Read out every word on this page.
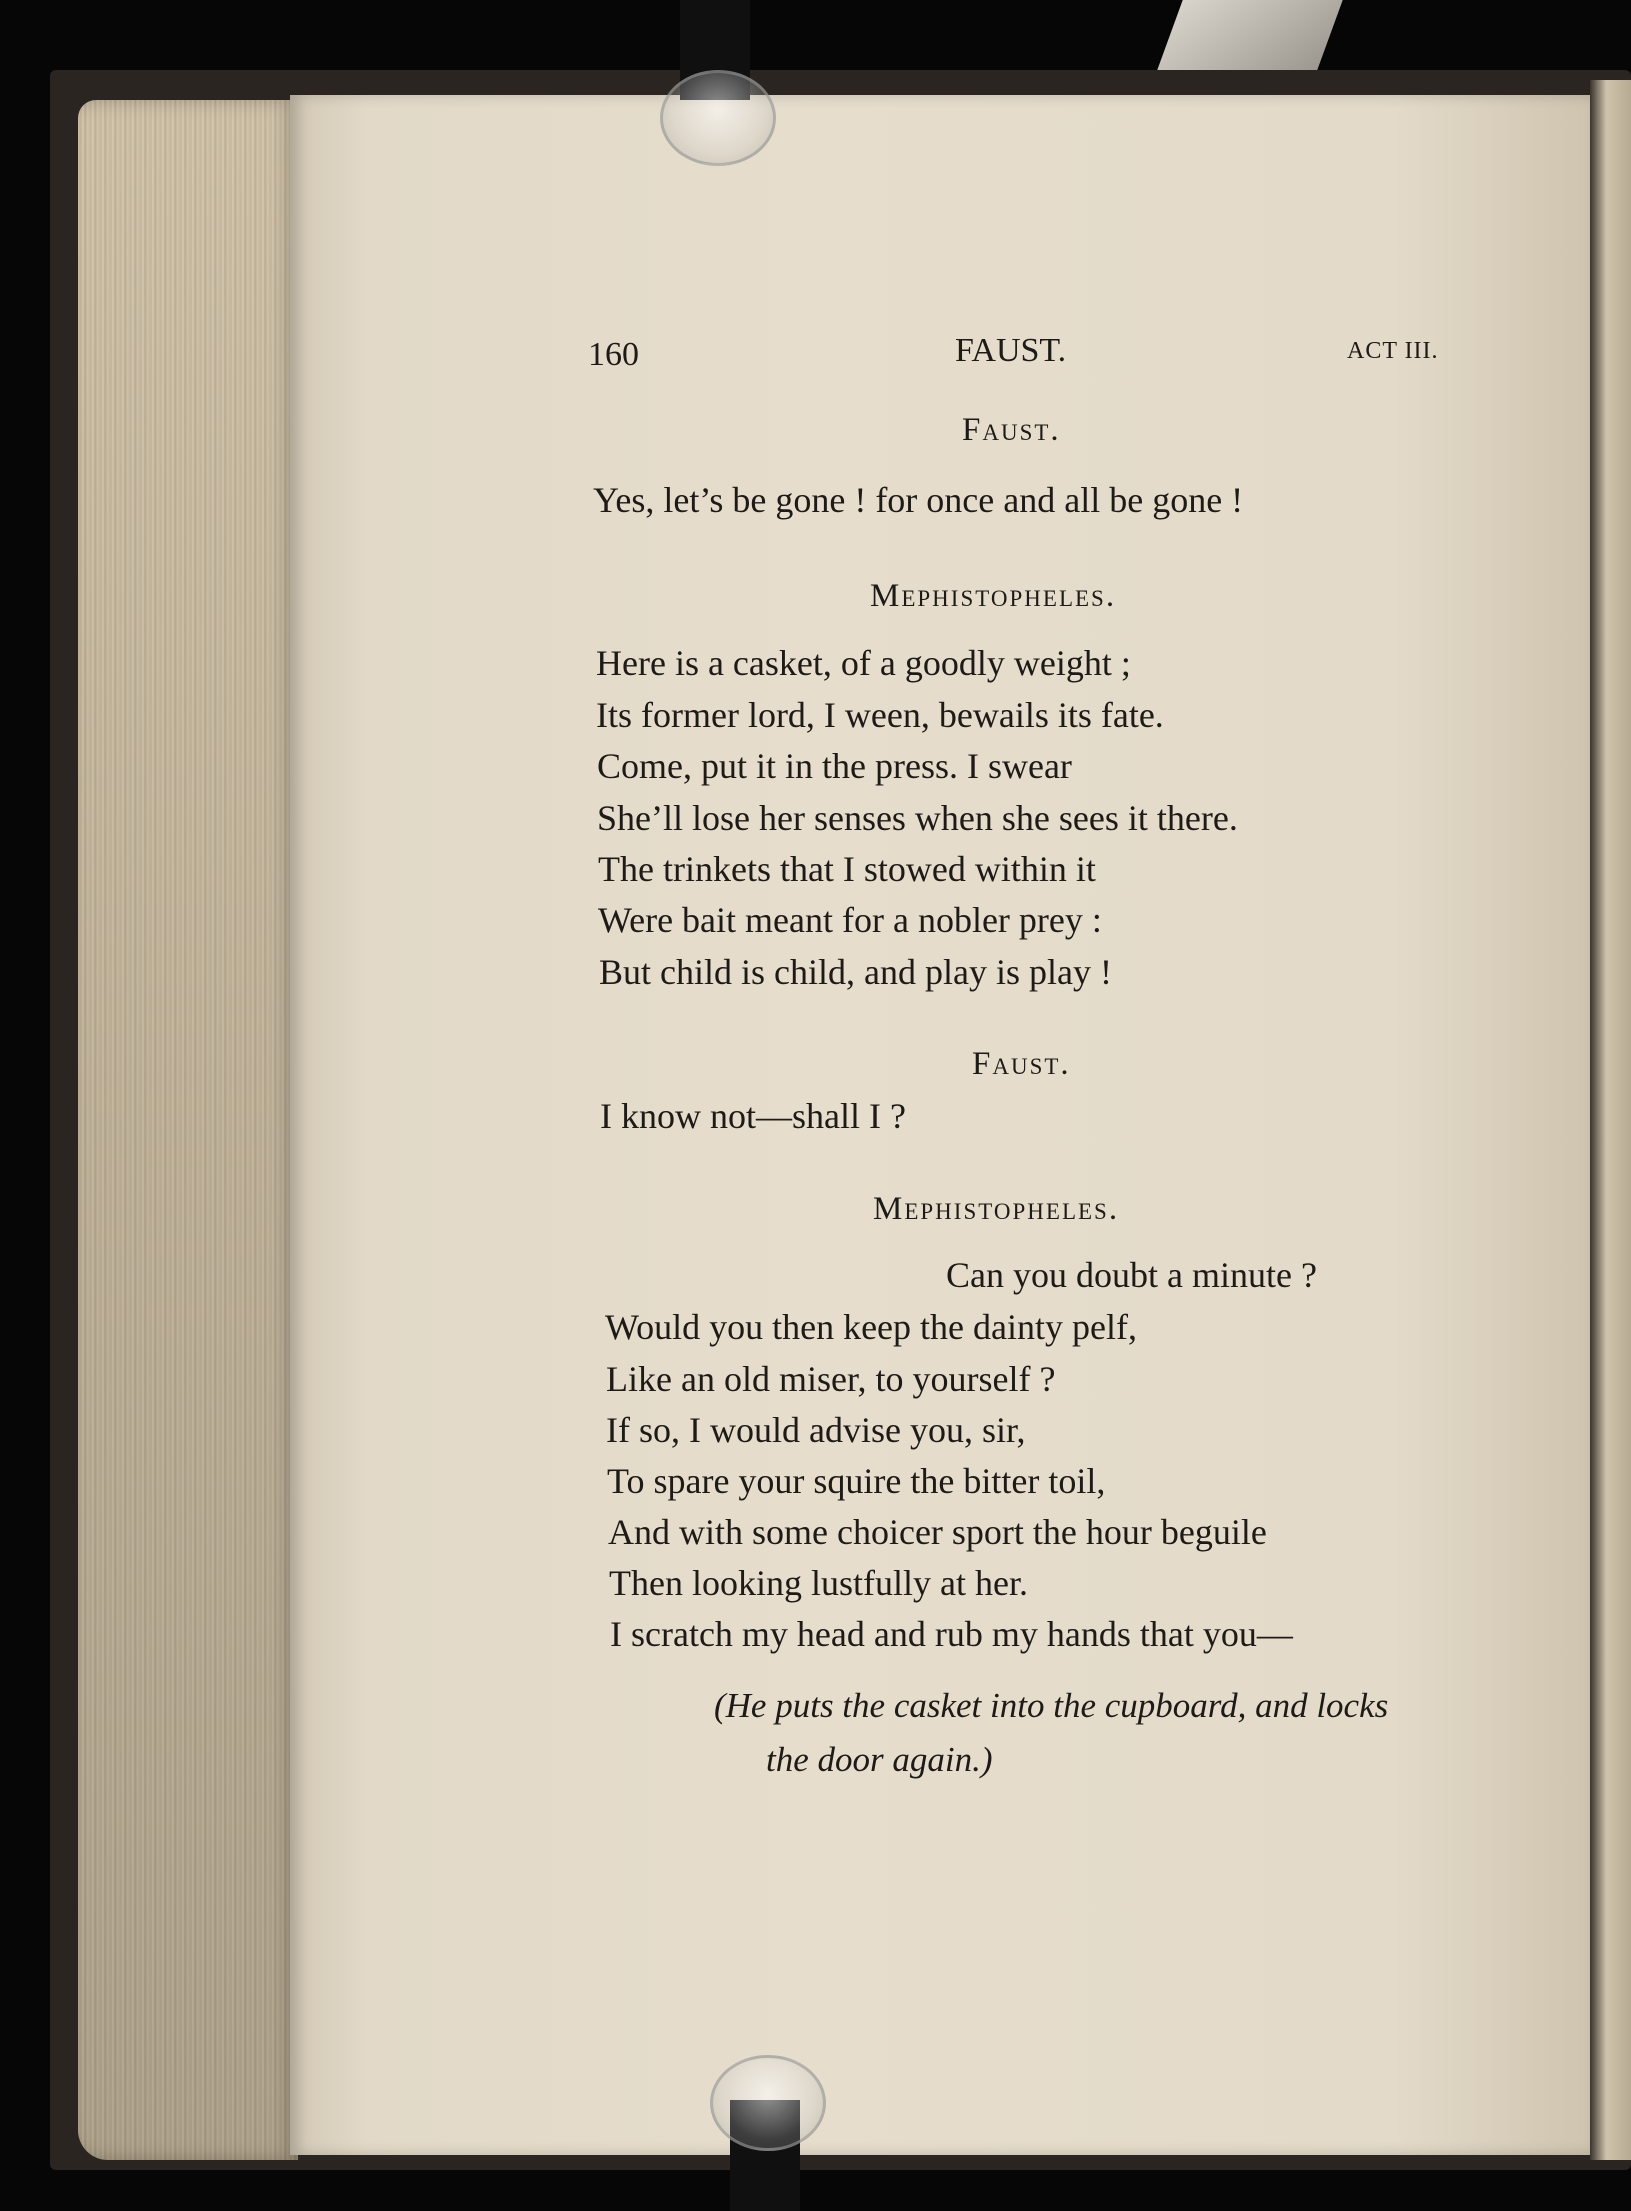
160	FAUST.	ACT III.

Faust.

Yes, let’s be gone ! for once and all be gone !

Mephistopheles.

Here is a casket, of a goodly weight ;

Its former lord, I ween, bewails its fate.

Come, put it in the press. I swear

She’ll lose her senses when she sees it there.

The trinkets that I stowed within it

Were bait meant for a nobler prey :

But child is child, and play is play !

Faust.

I know not—shall I ?

Mephistopheles.

Can you doubt a minute ?

Would you then keep the dainty pelf,

Like an old miser, to yourself ?

If so, I would advise you, sir,

To spare your squire the bitter toil,

And with some choicer sport the hour beguile

Then looking lustfully at her.

I scratch my head and rub my hands that you—

(He puts the casket into the cupboard, and locks

the door again.)
